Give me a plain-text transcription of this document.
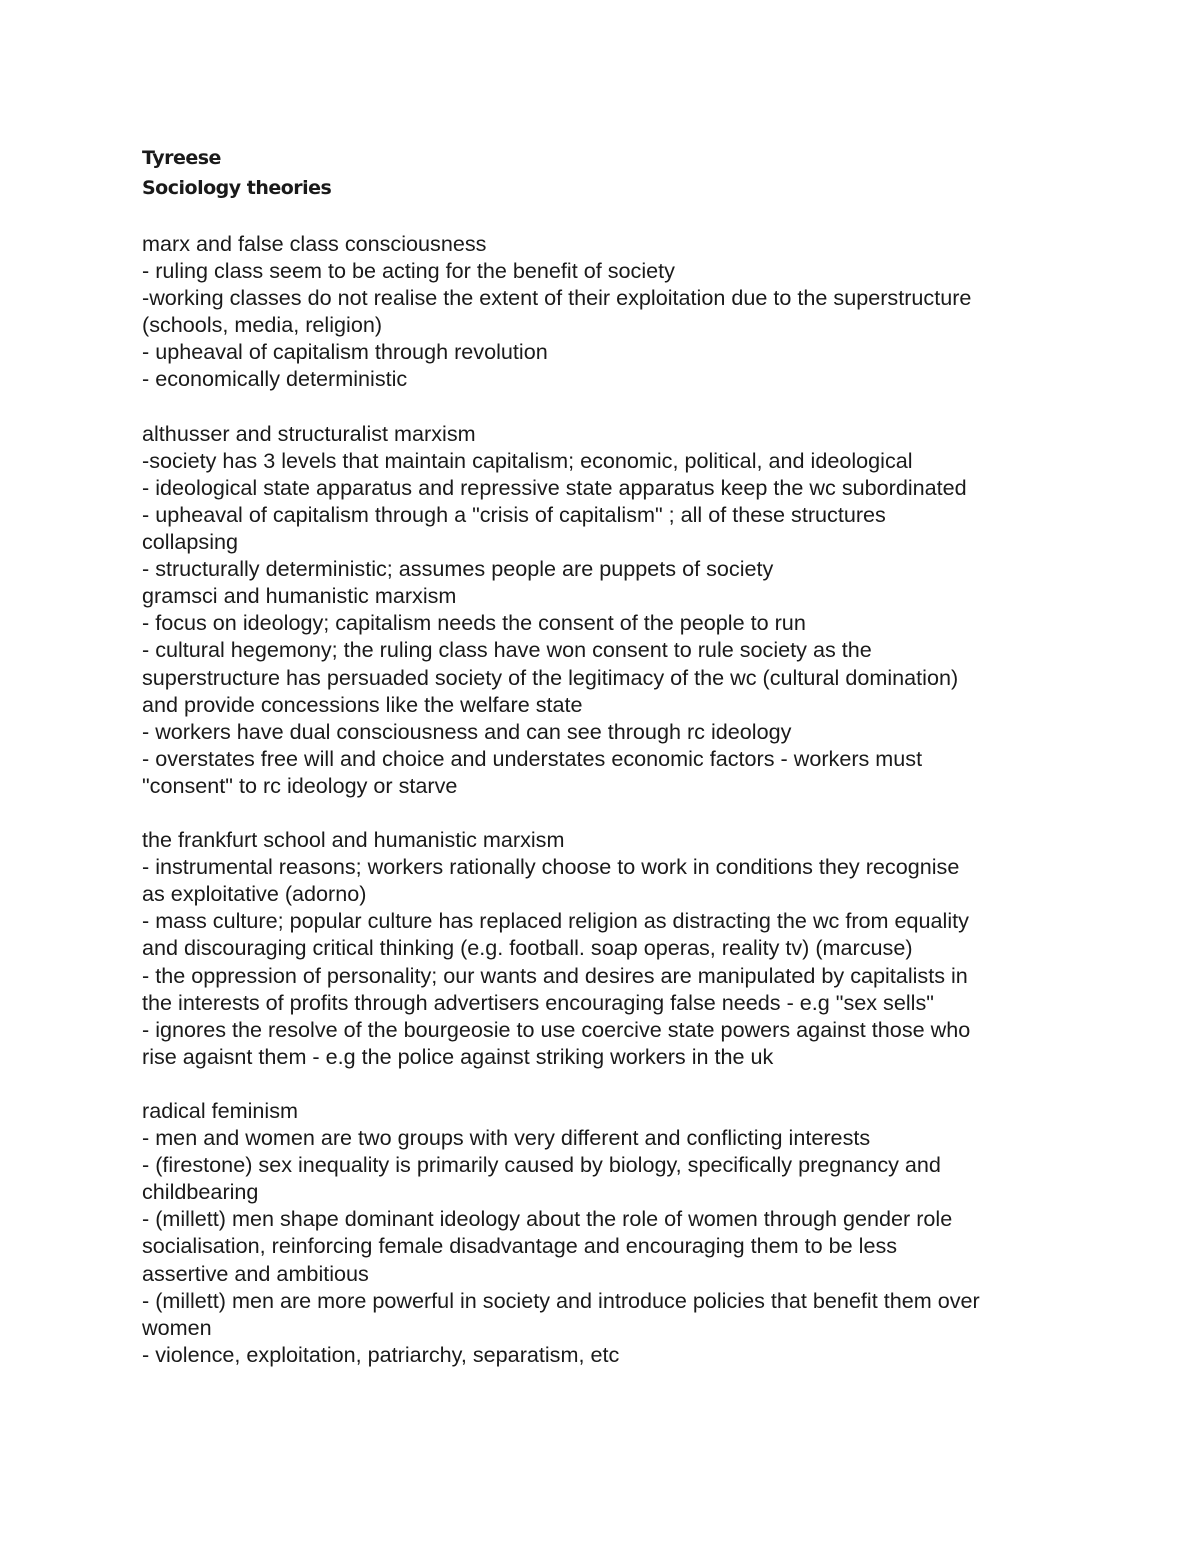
Tyreese

Sociology theories

marx and false class consciousness

- ruling class seem to be acting for the benefit of society

-working classes do not realise the extent of their exploitation due to the superstructure

(schools, media, religion)

- upheaval of capitalism through revolution

- economically deterministic

althusser and structuralist marxism

-society has 3 levels that maintain capitalism; economic, political, and ideological

- ideological state apparatus and repressive state apparatus keep the wc subordinated

- upheaval of capitalism through a "crisis of capitalism" ; all of these structures

collapsing

- structurally deterministic; assumes people are puppets of society

gramsci and humanistic marxism

- focus on ideology; capitalism needs the consent of the people to run

- cultural hegemony; the ruling class have won consent to rule society as the

superstructure has persuaded society of the legitimacy of the wc (cultural domination)

and provide concessions like the welfare state

- workers have dual consciousness and can see through rc ideology

- overstates free will and choice and understates economic factors - workers must

"consent" to rc ideology or starve

the frankfurt school and humanistic marxism

- instrumental reasons; workers rationally choose to work in conditions they recognise

as exploitative (adorno)

- mass culture; popular culture has replaced religion as distracting the wc from equality

and discouraging critical thinking (e.g. football. soap operas, reality tv) (marcuse)

- the oppression of personality; our wants and desires are manipulated by capitalists in

the interests of profits through advertisers encouraging false needs - e.g "sex sells"

- ignores the resolve of the bourgeosie to use coercive state powers against those who

rise agaisnt them - e.g the police against striking workers in the uk

radical feminism

- men and women are two groups with very different and conflicting interests

- (firestone) sex inequality is primarily caused by biology, specifically pregnancy and

childbearing

- (millett) men shape dominant ideology about the role of women through gender role

socialisation, reinforcing female disadvantage and encouraging them to be less

assertive and ambitious

- (millett) men are more powerful in society and introduce policies that benefit them over

women

- violence, exploitation, patriarchy, separatism, etc
